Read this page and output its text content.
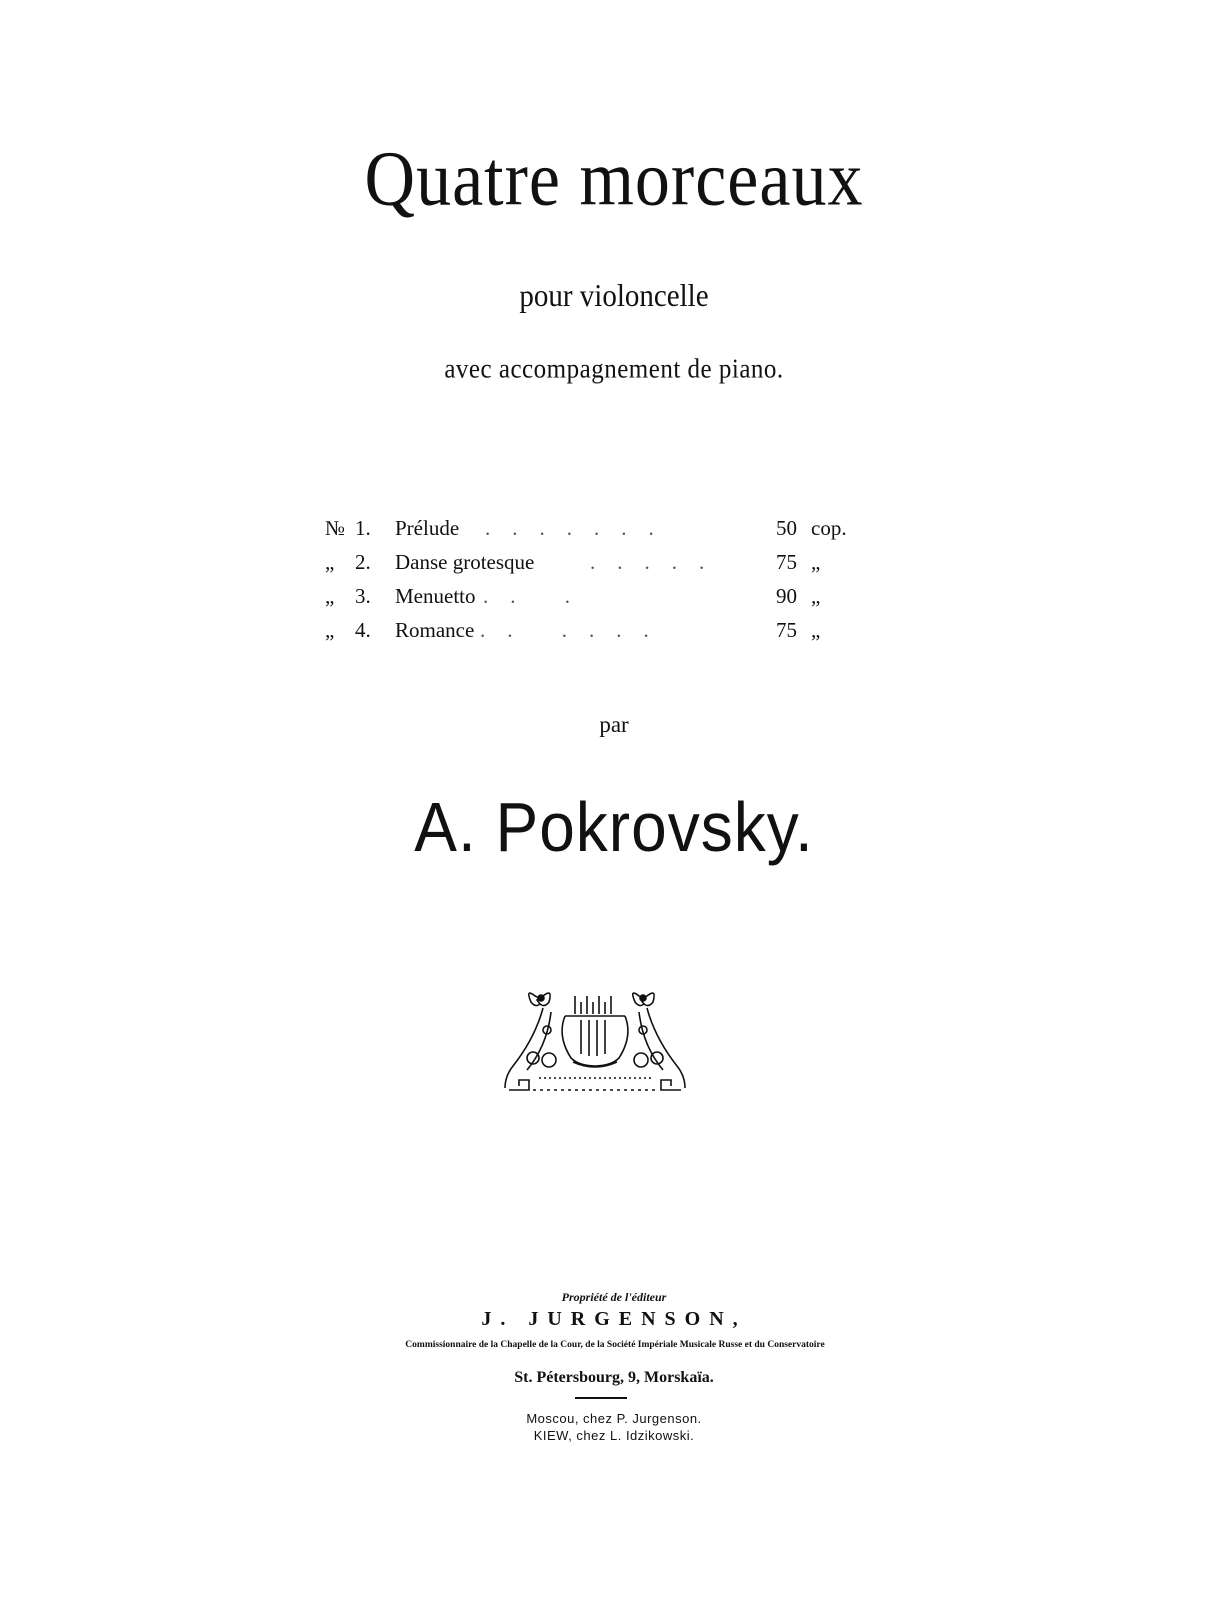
Quatre morceaux
pour violoncelle
avec accompagnement de piano.
№ 1.	Prélude .......	50 cop.
„ 2.	Danse grotesque	.....	75 „
„ 3.	Menuetto .. .	90 „
„ 4.	Romance .. ....	75 „
par
A. Pokrovsky.
Propriété de l'éditeur
J. JURGENSON,
Commissionnaire de la Chapelle de la Cour, de la Société Impériale Musicale Russe et du Conservatoire
St. Pétersbourg, 9, Morskaïa.
Moscou, chez P. Jurgenson.
KIEW, chez L. Idzikowski.
